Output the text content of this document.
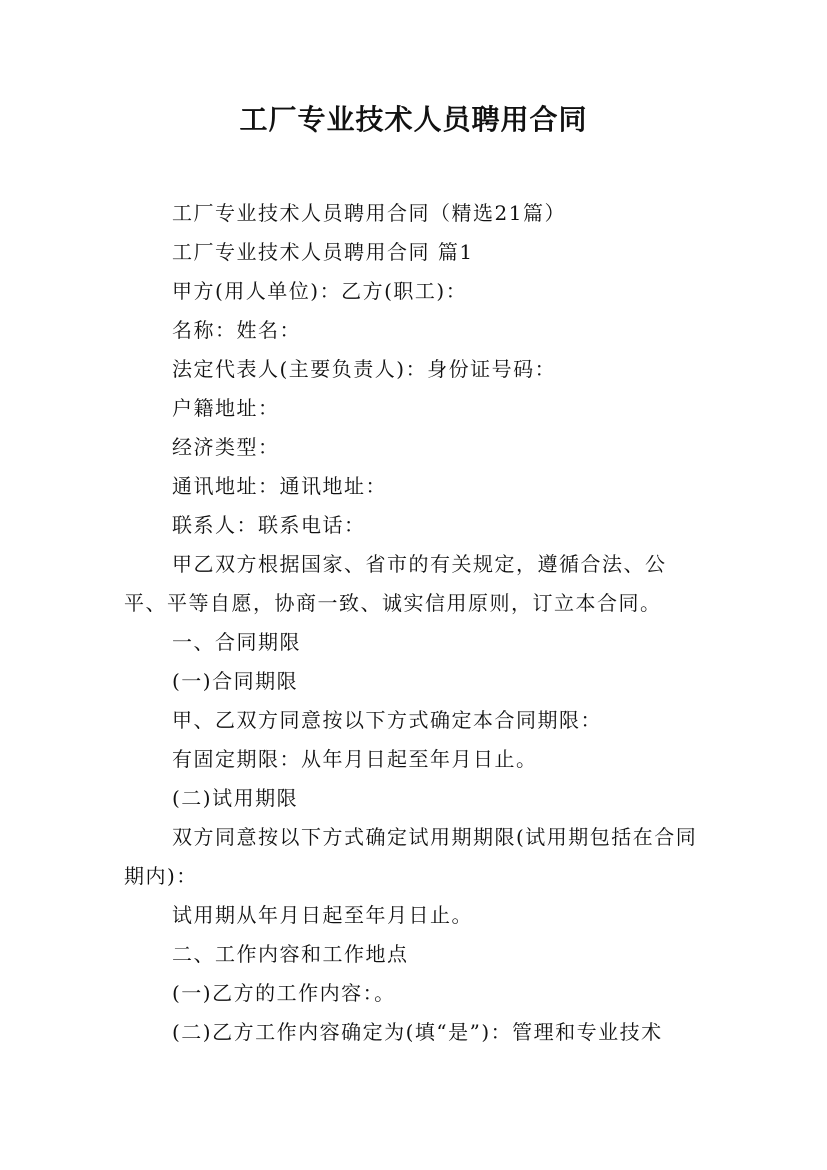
工厂专业技术人员聘用合同

工厂专业技术人员聘用合同（精选21篇）

工厂专业技术人员聘用合同 篇1

甲方(用人单位)：乙方(职工)：

名称：姓名：

法定代表人(主要负责人)：身份证号码：

户籍地址：

经济类型：

通讯地址：通讯地址：

联系人：联系电话：

甲乙双方根据国家、省市的有关规定，遵循合法、公平、平等自愿，协商一致、诚实信用原则，订立本合同。

一、合同期限

(一)合同期限

甲、乙双方同意按以下方式确定本合同期限：

有固定期限：从年月日起至年月日止。

(二)试用期限

双方同意按以下方式确定试用期期限(试用期包括在合同期内)：

试用期从年月日起至年月日止。

二、工作内容和工作地点

(一)乙方的工作内容：。

(二)乙方工作内容确定为(填“是”)：管理和专业技术
